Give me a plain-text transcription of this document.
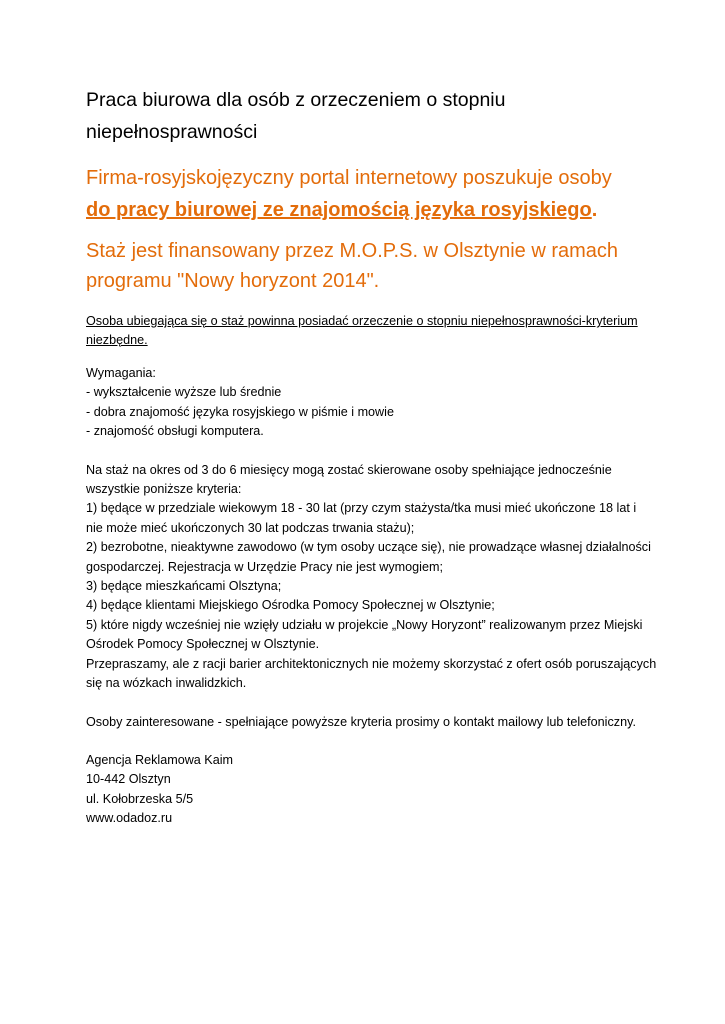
Praca biurowa dla osób z orzeczeniem o stopniu
niepełnosprawności
Firma-rosyjskojęzyczny portal internetowy poszukuje osoby
do pracy biurowej ze znajomością języka rosyjskiego.
Staż jest finansowany przez M.O.P.S. w Olsztynie w ramach
programu "Nowy horyzont 2014".
Osoba ubiegająca się o staż powinna posiadać orzeczenie o stopniu niepełnosprawności-kryterium
niezbędne.
Wymagania:
- wykształcenie wyższe lub średnie
- dobra znajomość języka rosyjskiego w piśmie i mowie
- znajomość obsługi komputera.
Na staż na okres od 3 do 6 miesięcy mogą zostać skierowane osoby spełniające jednocześnie
wszystkie poniższe kryteria:
1) będące w przedziale wiekowym 18 - 30 lat (przy czym stażysta/tka musi mieć ukończone 18 lat i
nie może mieć ukończonych 30 lat podczas trwania stażu);
2) bezrobotne, nieaktywne zawodowo (w tym osoby uczące się), nie prowadzące własnej działalności
gospodarczej. Rejestracja w Urzędzie Pracy nie jest wymogiem;
3) będące mieszkańcami Olsztyna;
4) będące klientami Miejskiego Ośrodka Pomocy Społecznej w Olsztynie;
5) które nigdy wcześniej nie wzięły udziału w projekcie „Nowy Horyzont” realizowanym przez Miejski
Ośrodek Pomocy Społecznej w Olsztynie.
Przepraszamy, ale z racji barier architektonicznych nie możemy skorzystać z ofert osób poruszających
się na wózkach inwalidzkich.
Osoby zainteresowane - spełniające powyższe kryteria prosimy o kontakt mailowy lub telefoniczny.
Agencja Reklamowa Kaim
10-442 Olsztyn
ul. Kołobrzeska 5/5
www.odadoz.ru
